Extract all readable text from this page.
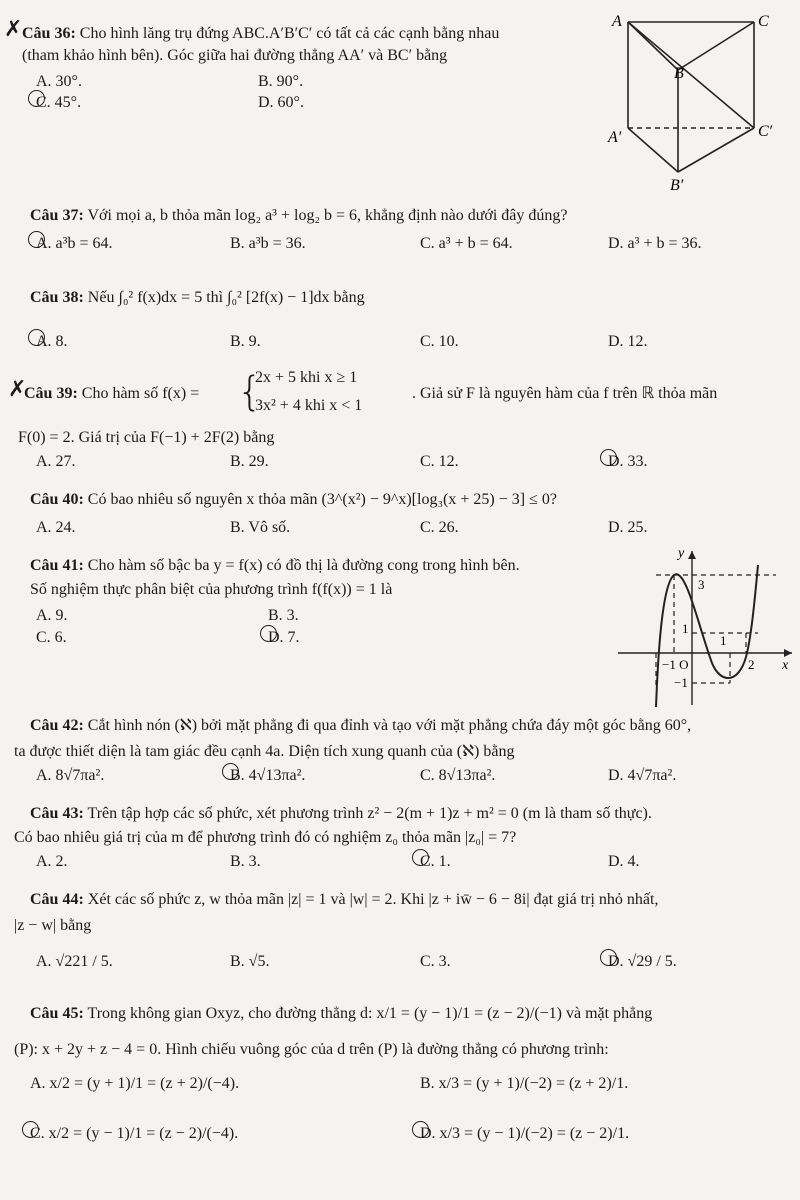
✗ Câu 36: Cho hình lăng trụ đứng ABC.A′B′C′ có tất cả các cạnh bằng nhau
(tham khảo hình bên). Góc giữa hai đường thẳng AA′ và BC′ bằng
A. 30°.	B. 90°.
C. 45°.	D. 60°.
A	C
B
A′	C′
B′
Câu 37: Với mọi a, b thỏa mãn log₂ a³ + log₂ b = 6, khẳng định nào dưới đây đúng?
A. a³b = 64.	B. a³b = 36.	C. a³ + b = 64.	D. a³ + b = 36.
Câu 38: Nếu ∫₀² f(x)dx = 5 thì ∫₀² [2f(x) − 1]dx bằng
A. 8.	B. 9.	C. 10.	D. 12.
✗
Câu 39: Cho hàm số f(x) = {
2x + 5 khi x ≥ 1
3x² + 4 khi x < 1
. Giả sử F là nguyên hàm của f trên ℝ thỏa mãn
F(0) = 2. Giá trị của F(−1) + 2F(2) bằng
A. 27.	B. 29.	C. 12.	D. 33.
Câu 40: Có bao nhiêu số nguyên x thỏa mãn (3^(x²) − 9^x)[log₃(x + 25) − 3] ≤ 0?
A. 24.	B. Vô số.	C. 26.	D. 25.
Câu 41: Cho hàm số bậc ba y = f(x) có đồ thị là đường cong trong hình bên.
Số nghiệm thực phân biệt của phương trình f(f(x)) = 1 là
A. 9.	B. 3.
C. 6.	D. 7.
y
x
3
1
1
−1 O
−1
2
Câu 42: Cắt hình nón (ℵ) bởi mặt phẳng đi qua đỉnh và tạo với mặt phẳng chứa đáy một góc bằng 60°,
ta được thiết diện là tam giác đều cạnh 4a. Diện tích xung quanh của (ℵ) bằng
A. 8√7πa².	B. 4√13πa².	C. 8√13πa².	D. 4√7πa².
Câu 43: Trên tập hợp các số phức, xét phương trình z² − 2(m + 1)z + m² = 0 (m là tham số thực).
Có bao nhiêu giá trị của m để phương trình đó có nghiệm z₀ thỏa mãn |z₀| = 7?
A. 2.	B. 3.	C. 1.	D. 4.
Câu 44: Xét các số phức z, w thỏa mãn |z| = 1 và |w| = 2. Khi |z + iw̄ − 6 − 8i| đạt giá trị nhỏ nhất,
|z − w| bằng
A. √221 / 5.	B. √5.	C. 3.	D. √29 / 5.
Câu 45: Trong không gian Oxyz, cho đường thẳng d: x/1 = (y − 1)/1 = (z − 2)/(−1) và mặt phẳng
(P): x + 2y + z − 4 = 0. Hình chiếu vuông góc của d trên (P) là đường thẳng có phương trình:
A. x/2 = (y + 1)/1 = (z + 2)/(−4).	B. x/3 = (y + 1)/(−2) = (z + 2)/1.
C. x/2 = (y − 1)/1 = (z − 2)/(−4).	D. x/3 = (y − 1)/(−2) = (z − 2)/1.
